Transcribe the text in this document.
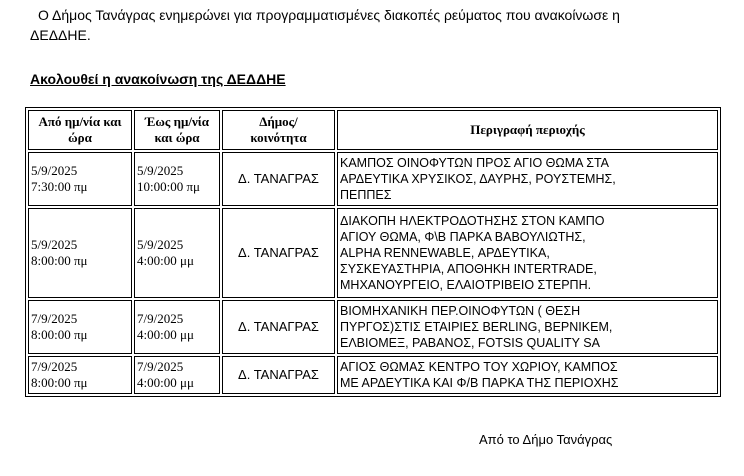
Ο Δήμος Τανάγρας ενημερώνει για προγραμματισμένες διακοπές ρεύματος που ανακοίνωσε η
ΔΕΔΔΗΕ.

Ακολουθεί η ανακοίνωση της ΔΕΔΔΗΕ

Από ημ/νία και
ώρα	Έως ημ/νία
και ώρα	Δήμος/
κοινότητα	Περιγραφή περιοχής
5/9/2025
7:30:00 πμ	5/9/2025
10:00:00 πμ	Δ. ΤΑΝΑΓΡΑΣ	ΚΑΜΠΟΣ ΟΙΝΟΦΥΤΩΝ ΠΡΟΣ ΑΓΙΟ ΘΩΜΑ ΣΤΑ
ΑΡΔΕΥΤΙΚΑ ΧΡΥΣΙΚΟΣ, ΔΑΥΡΗΣ, ΡΟΥΣΤΕΜΗΣ,
ΠΕΠΠΕΣ
5/9/2025
8:00:00 πμ	5/9/2025
4:00:00 μμ	Δ. ΤΑΝΑΓΡΑΣ	ΔΙΑΚΟΠΗ ΗΛΕΚΤΡΟΔΟΤΗΣΗΣ ΣΤΟΝ ΚΑΜΠΟ
ΑΓΙΟΥ ΘΩΜΑ, Φ\Β ΠΑΡΚΑ ΒΑΒΟΥΛΙΩΤΗΣ,
ALPHA RENNEWABLE, ΑΡΔΕΥΤΙΚΑ,
ΣΥΣΚΕΥΑΣΤΗΡΙΑ, ΑΠΟΘΗΚΗ INTERTRADE,
ΜΗΧΑΝΟΥΡΓΕΙΟ, ΕΛΑΙΟΤΡΙΒΕΙΟ ΣΤΕΡΠΗ.
7/9/2025
8:00:00 πμ	7/9/2025
4:00:00 μμ	Δ. ΤΑΝΑΓΡΑΣ	ΒΙΟΜΗΧΑΝΙΚΗ ΠΕΡ.ΟΙΝΟΦΥΤΩΝ ( ΘΕΣΗ
ΠΥΡΓΟΣ)ΣΤΙΣ ΕΤΑΙΡΙΕΣ BERLING, ΒΕΡΝΙΚΕΜ,
ΕΛΒΙΟΜΕΞ, ΡΑΒΑΝΟΣ, FOTSIS QUALITY SA
7/9/2025
8:00:00 πμ	7/9/2025
4:00:00 μμ	Δ. ΤΑΝΑΓΡΑΣ	ΑΓΙΟΣ ΘΩΜΑΣ ΚΕΝΤΡΟ ΤΟΥ ΧΩΡΙΟΥ, ΚΑΜΠΟΣ
ΜΕ ΑΡΔΕΥΤΙΚΑ ΚΑΙ Φ/Β ΠΑΡΚΑ ΤΗΣ ΠΕΡΙΟΧΗΣ

Από το Δήμο Τανάγρας
